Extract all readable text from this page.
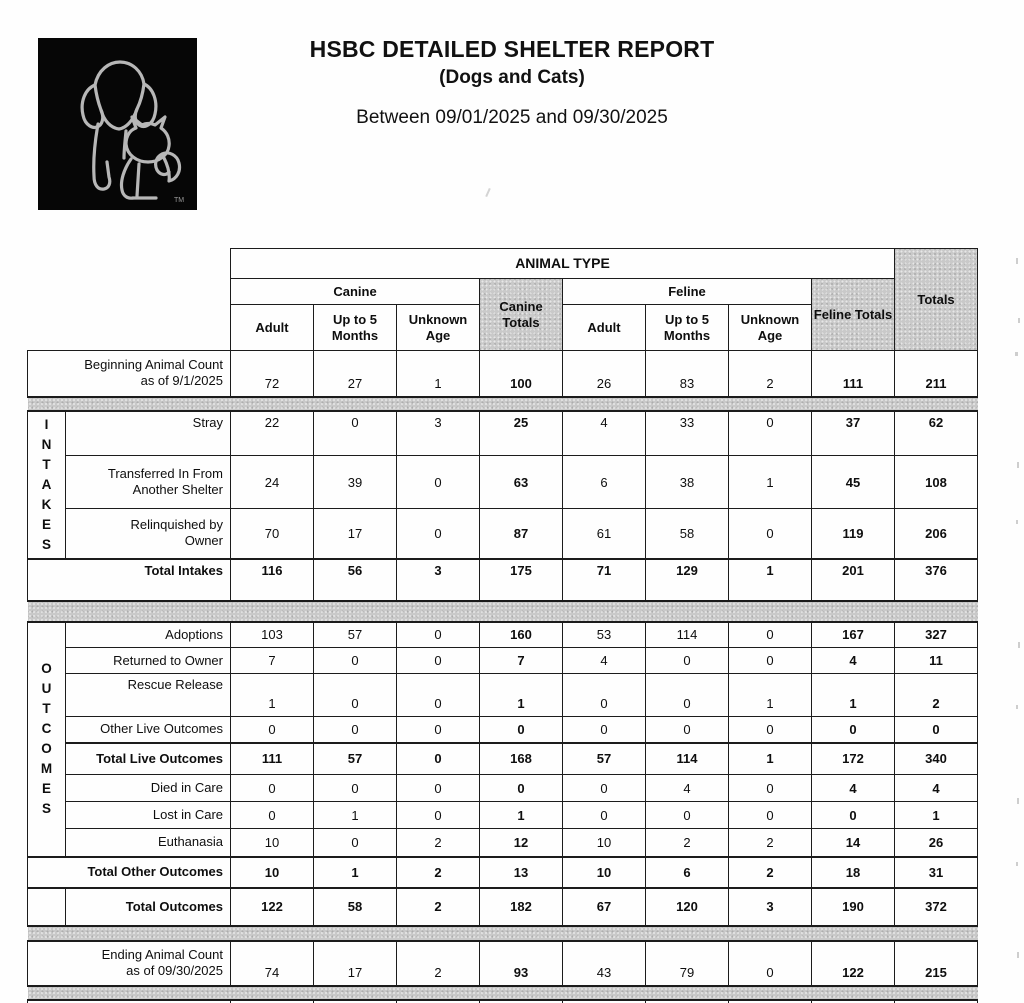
TM
HSBC DETAILED SHELTER REPORT
(Dogs and Cats)
Between 09/01/2025 and 09/30/2025
		ANIMAL TYPE								Totals
		Canine			Canine Totals	Feline			Feline Totals	
		Adult	Up to 5 Months	Unknown Age		Adult	Up to 5 Months	Unknown Age		

Beginning Animal Count
as of 9/1/2025		72	27	1	100	26	83	2	111	211

I
N
T
A
K
E
S

Stray	22	0	3	25	4	33	0	37	62

	Transferred In From
Another Shelter	24	39	0	63	6	38	1	45	108

	Relinquished by
Owner	70	17	0	87	61	58	0	119	206

Total Intakes		116	56	3	175	71	129	1	201	376

O
U
T
C
O
M
E
S

Adoptions	103	57	0	160	53	114	0	167	327

	Returned to Owner	7	0	0	7	4	0	0	4	11

	Rescue Release	1	0	0	1	0	0	1	1	2

	Other Live Outcomes	0	0	0	0	0	0	0	0	0

	Total Live Outcomes	111	57	0	168	57	114	1	172	340

	Died in Care	0	0	0	0	0	4	0	4	4

	Lost in Care	0	1	0	1	0	0	0	0	1

	Euthanasia	10	0	2	12	10	2	2	14	26

Total Other Outcomes		10	1	2	13	10	6	2	18	31

	Total Outcomes	122	58	2	182	67	120	3	190	372

Ending Animal Count
as of 09/30/2025		74	17	2	93	43	79	0	122	215
